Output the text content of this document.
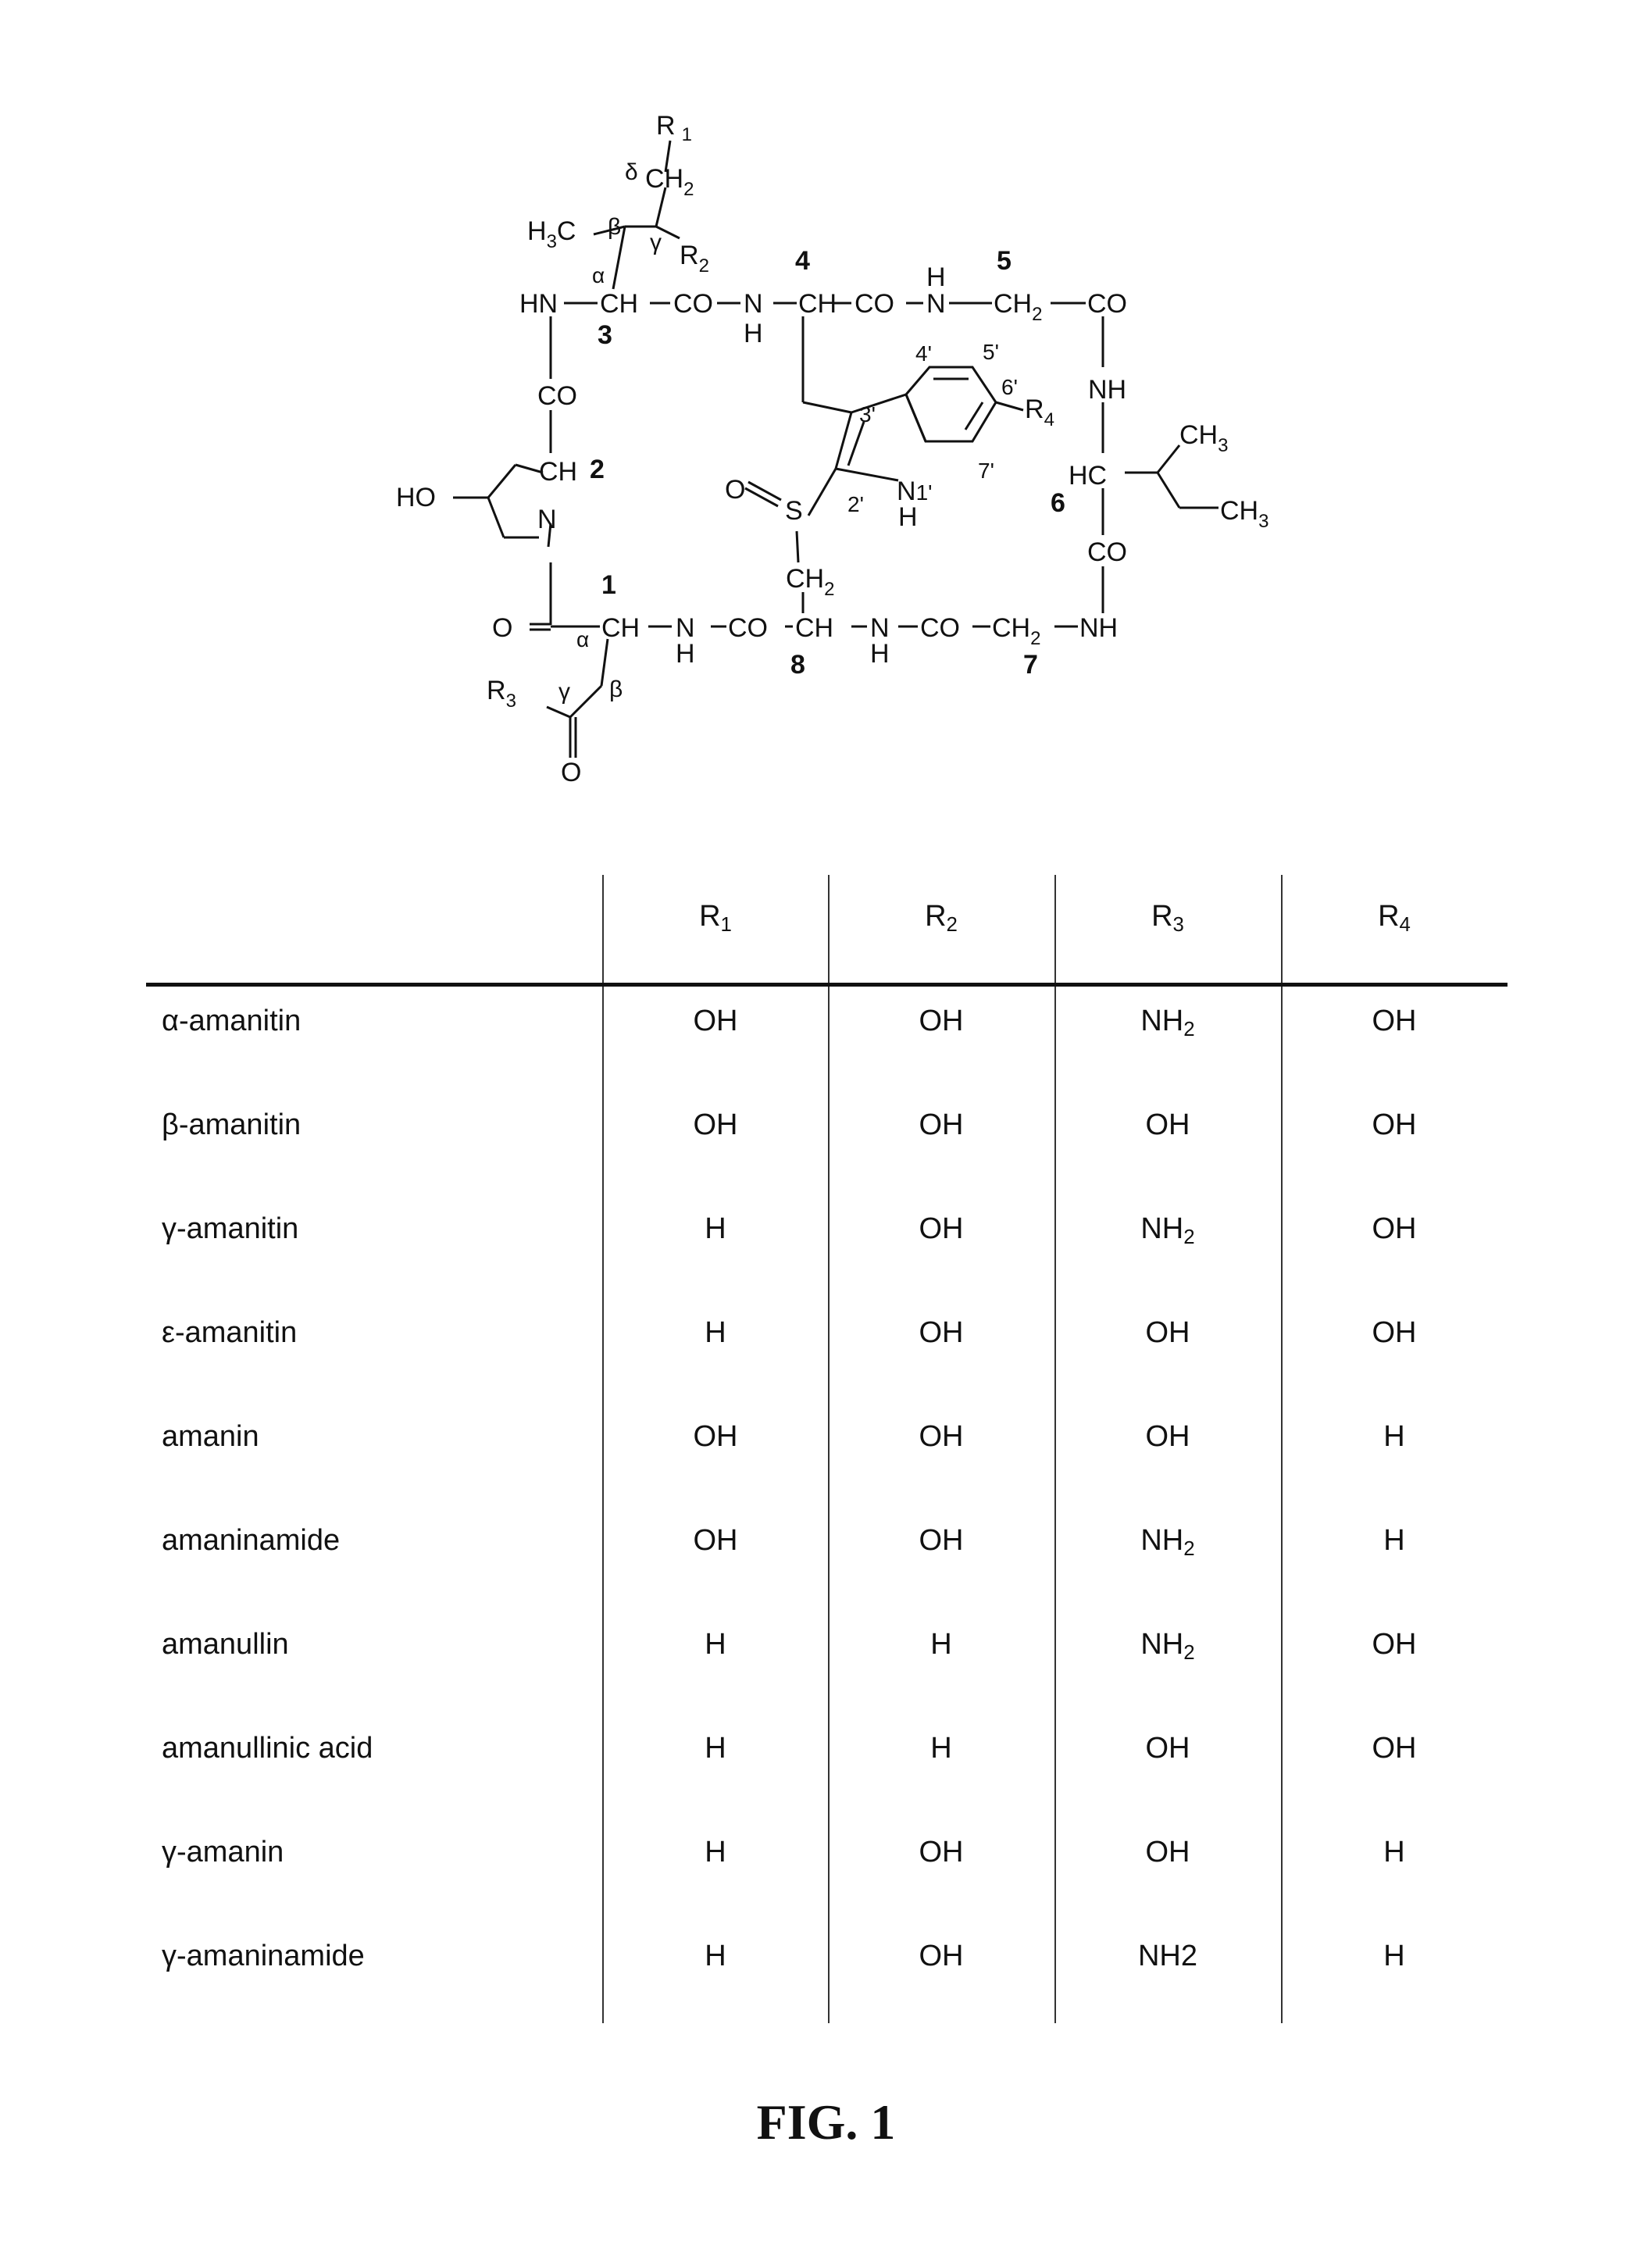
R $_1$
δ $CH_2$
$H_3C$ β
γ $R_2$
α
HN CH CO N
H
CH CO N
H
$CH_2$ CO
3
4	5
2
1
6
7
8
CO
CH
HO
N
O	α CH N
H
CO CH N
H
CO $CH_2$ NH
$R_3$ γ β
O
NH
HC
$CH_3$
$CH_3$
CO
O
S
$CH_2$
3'
4' 5'
6'
7'
2' N1'
H
$R_4$
$R_1$	$R_2$	$R_3$	$R_4$
α-amanitin	OH	OH	$NH_2$	OH
β-amanitin	OH	OH	OH	OH
γ-amanitin	H	OH	$NH_2$	OH
ε-amanitin	H	OH	OH	OH
amanin	OH	OH	OH	H
amaninamide	OH	OH	$NH_2$	H
amanullin	H	H	$NH_2$	OH
amanullinic acid	H	H	OH	OH
γ-amanin	H	OH	OH	H
γ-amaninamide	H	OH	NH2	H
FIG. 1
